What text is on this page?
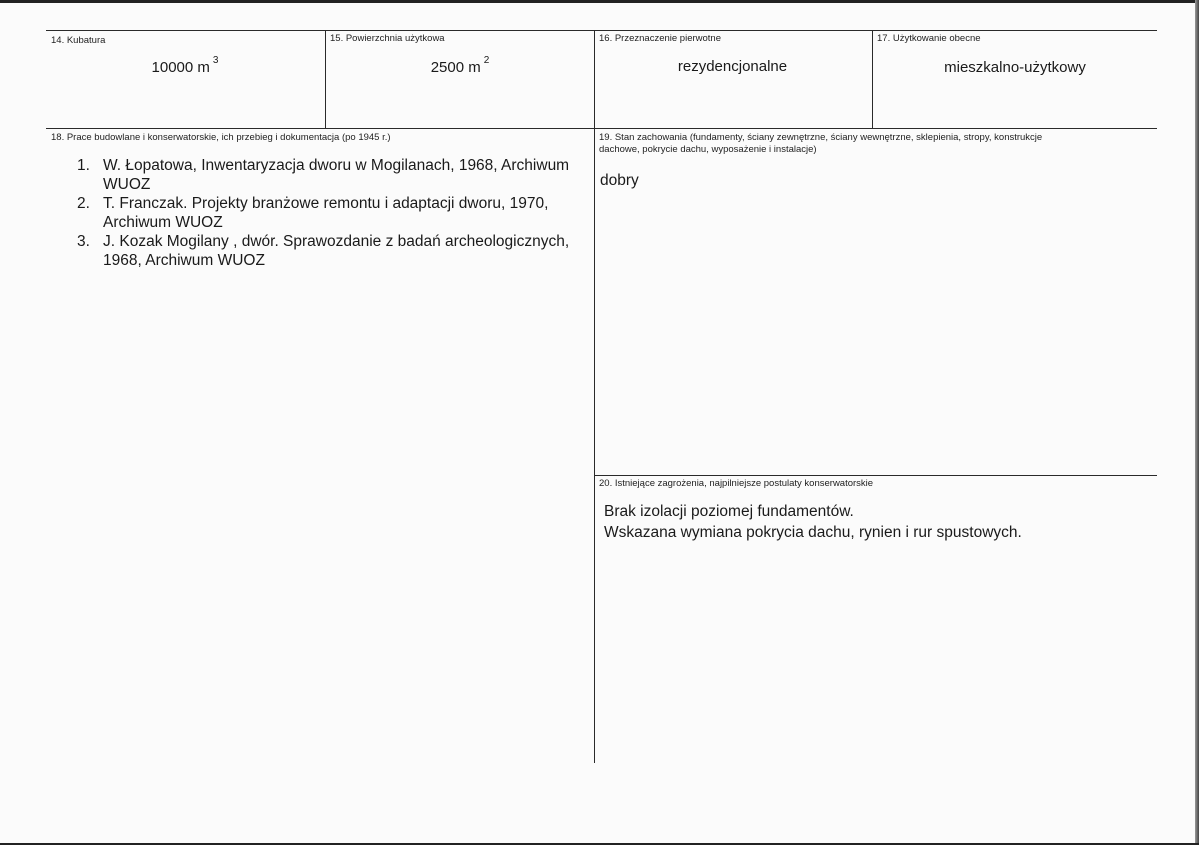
14. Kubatura
10000 m $^3$
15. Powierzchnia użytkowa
2500 m $^2$
16. Przeznaczenie pierwotne
rezydencjonalne
17. Użytkowanie obecne
mieszkalno-użytkowy
18. Prace budowlane i konserwatorskie, ich przebieg i dokumentacja (po 1945 r.)
1. W. Łopatowa, Inwentaryzacja dworu w Mogilanach, 1968, Archiwum WUOZ
2. T. Franczak. Projekty branżowe remontu i adaptacji dworu, 1970, Archiwum WUOZ
3. J. Kozak Mogilany , dwór. Sprawozdanie z badań archeologicznych, 1968, Archiwum WUOZ
19. Stan zachowania (fundamenty, ściany zewnętrzne, ściany wewnętrzne, sklepienia, stropy, konstrukcje dachowe, pokrycie dachu, wyposażenie i instalacje)
dobry
20. Istniejące zagrożenia, najpilniejsze postulaty konserwatorskie
Brak izolacji poziomej fundamentów.
Wskazana wymiana pokrycia dachu, rynien i rur spustowych.
